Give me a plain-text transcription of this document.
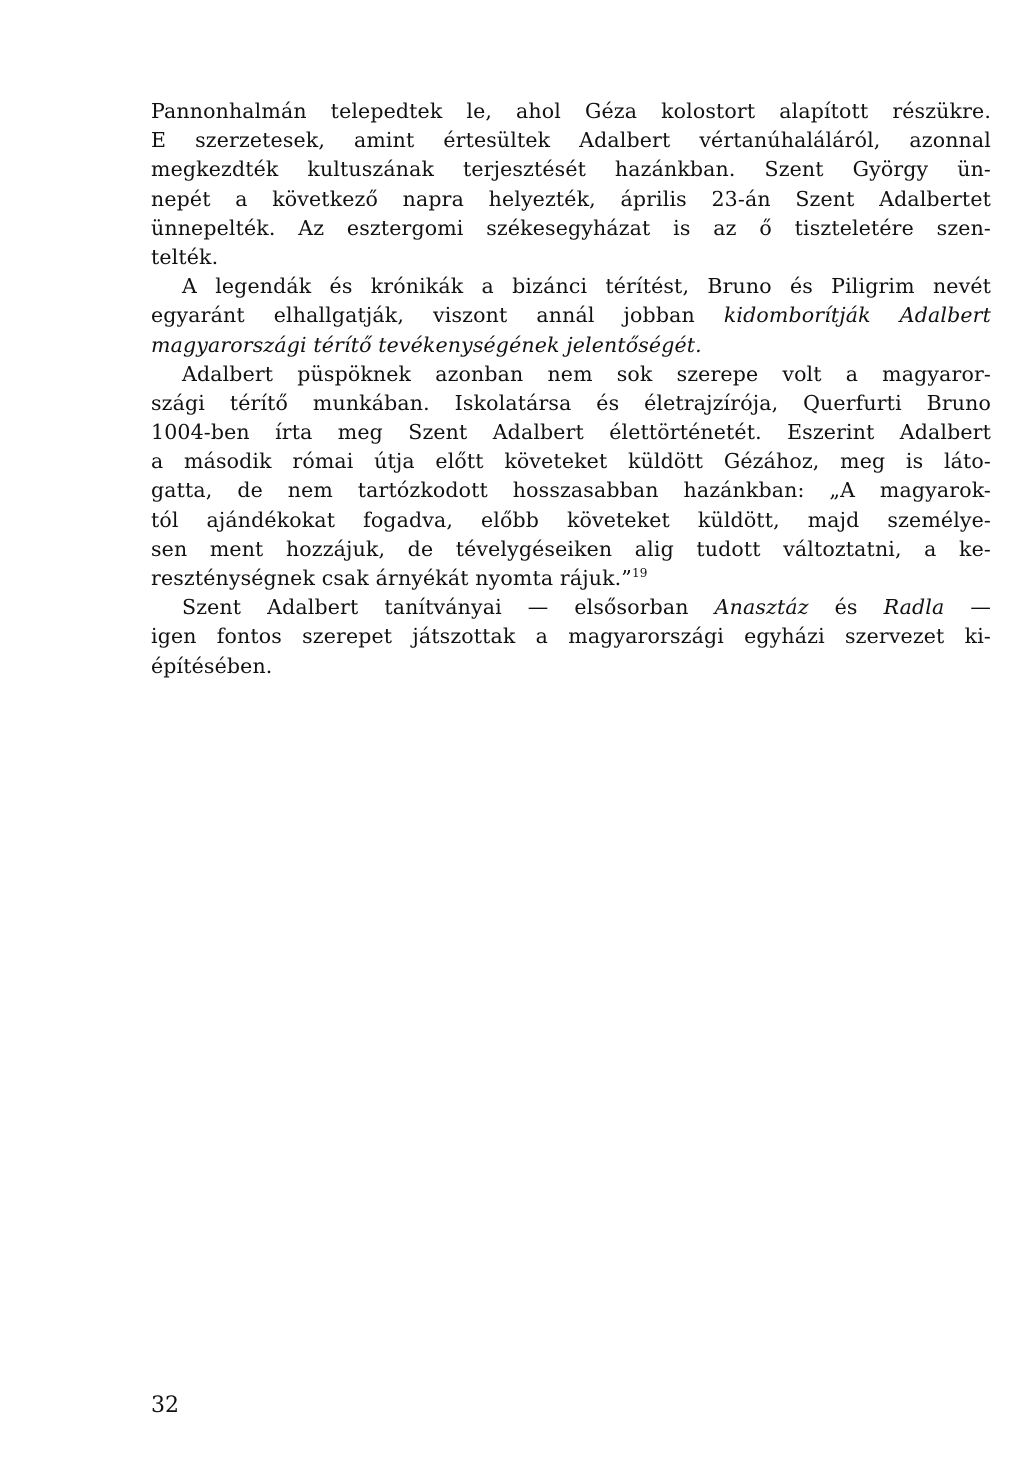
Pannonhalmán telepedtek le, ahol Géza kolostort alapított részükre.
E szerzetesek, amint értesültek Adalbert vértanúhaláláról, azonnal
megkezdték kultuszának terjesztését hazánkban. Szent György ün-
nepét a következő napra helyezték, április 23-án Szent Adalbertet
ünnepelték. Az esztergomi székesegyházat is az ő tiszteletére szen-
telték.
A legendák és krónikák a bizánci térítést, Bruno és Piligrim nevét
egyaránt elhallgatják, viszont annál jobban kidomborítják Adalbert
magyarországi térítő tevékenységének jelentőségét.
Adalbert püspöknek azonban nem sok szerepe volt a magyaror-
szági térítő munkában. Iskolatársa és életrajzírója, Querfurti Bruno
1004-ben írta meg Szent Adalbert élettörténetét. Eszerint Adalbert
a második római útja előtt követeket küldött Gézához, meg is láto-
gatta, de nem tartózkodott hosszasabban hazánkban: „A magyarok-
tól ajándékokat fogadva, előbb követeket küldött, majd személye-
sen ment hozzájuk, de tévelygéseiken alig tudott változtatni, a ke-
reszténységnek csak árnyékát nyomta rájuk.”$^{19}$
Szent Adalbert tanítványai — elsősorban Anasztáz és Radla —
igen fontos szerepet játszottak a magyarországi egyházi szervezet ki-
építésében.
32
